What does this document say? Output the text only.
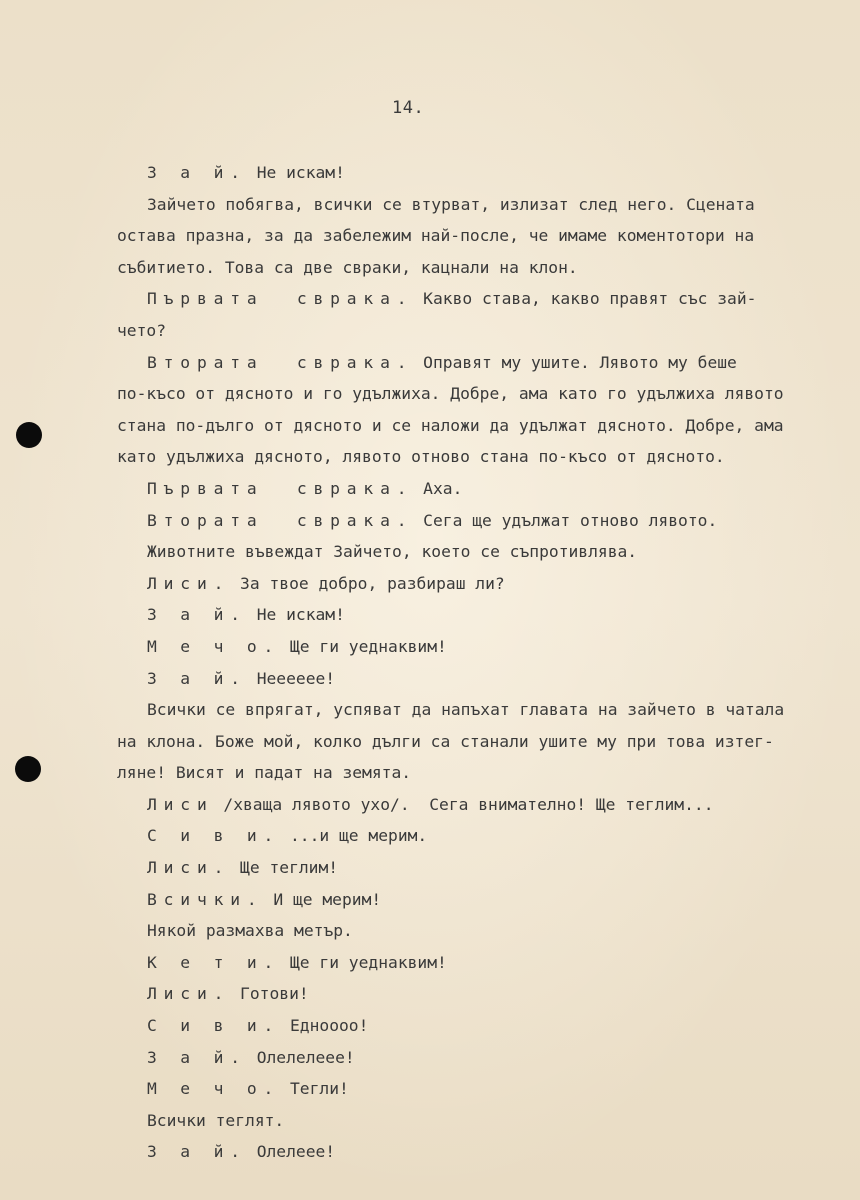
14.
З а й. Не искам!
Зайчето побягва, всички се втурват, излизат след него. Сцената
остава празна, за да забележим най-после, че имаме коментотори на
събитието. Това са две свраки, кацнали на клон.
Първата  сврака. Какво става, какво правят със зай-
чето?
Втората  сврака. Оправят му ушите. Лявото му беше
по-късо от дясното и го удължиха. Добре, ама като го удължиха лявото
стана по-дълго от дясното и се наложи да удължат дясното. Добре, ама
като удължиха дясното, лявото отново стана по-късо от дясното.
Първата  сврака. Аха.
Втората  сврака. Сега ще удължат отново лявото.
Животните въвеждат Зайчето, което се съпротивлява.
Лиси. За твое добро, разбираш ли?
З а й. Не искам!
М е ч о. Ще ги уеднаквим!
З а й. Нееееее!
Всички се впрягат, успяват да напъхат главата на зайчето в чатала
на клона. Боже мой, колко дълги са станали ушите му при това изтег-
ляне! Висят и падат на земята.
Лиси /хваща лявото ухо/.  Сега внимателно! Ще теглим...
С и в и. ...и ще мерим.
Лиси. Ще теглим!
Всички. И ще мерим!
Някой размахва метър.
К е т и. Ще ги уеднаквим!
Лиси. Готови!
С и в и. Едноооо!
З а й. Олелелеее!
М е ч о. Тегли!
Всички теглят.
З а й. Олелеее!
